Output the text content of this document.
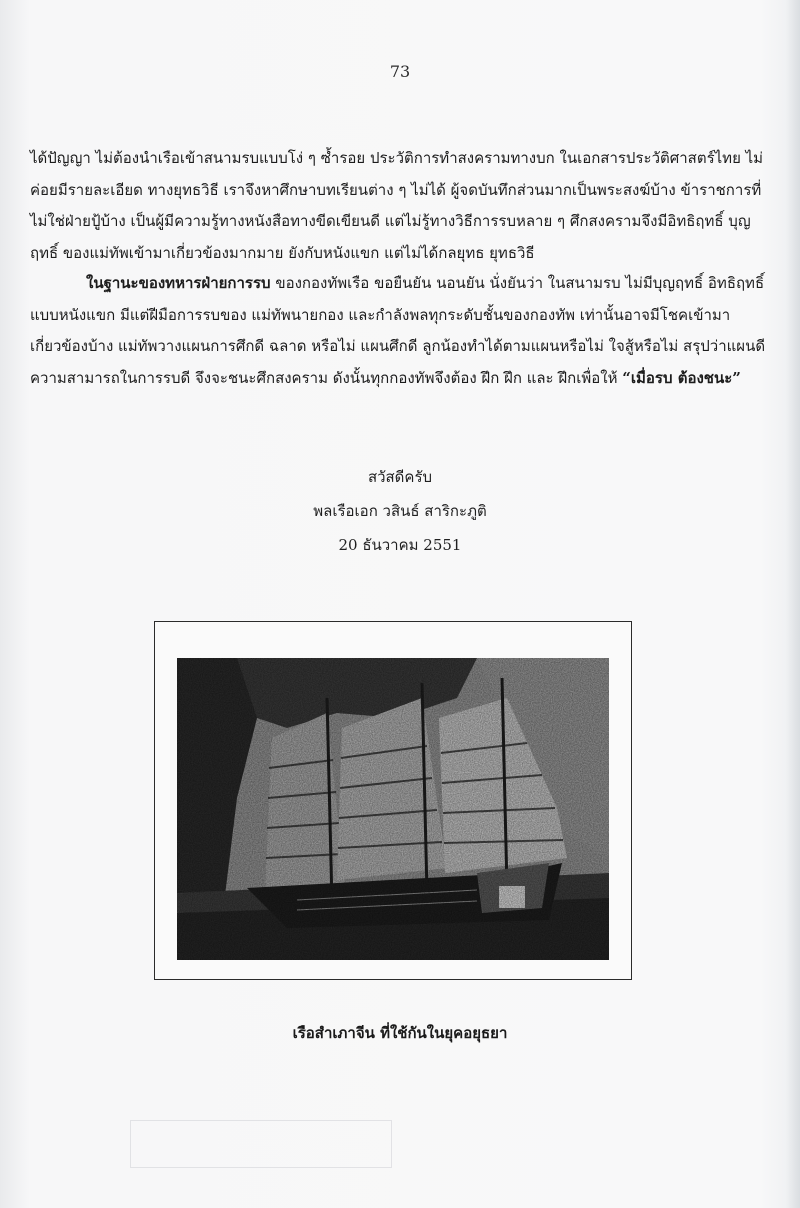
73

ได้ปัญญา ไม่ต้องนำเรือเข้าสนามรบแบบโง่ ๆ ซ้ำรอย ประวัติการทำสงครามทางบก ในเอกสารประวัติศาสตร์ไทย ไม่ค่อยมีรายละเอียด ทางยุทธวิธี เราจึงหาศึกษาบทเรียนต่าง ๆ ไม่ได้ ผู้จดบันทึกส่วนมากเป็นพระสงฆ์บ้าง ข้าราชการที่ไม่ใช่ฝ่ายปู้บ้าง เป็นผู้มีความรู้ทางหนังสือทางขีดเขียนดี แต่ไม่รู้ทางวิธีการรบหลาย ๆ ศึกสงครามจึงมีอิทธิฤทธิ์ บุญฤทธิ์ ของแม่ทัพเข้ามาเกี่ยวข้องมากมาย ยังกับหนังแขก แต่ไม่ได้กลยุทธ ยุทธวิธี

ในฐานะของทหารฝ่ายการรบ ของกองทัพเรือ ขอยืนยัน นอนยัน นั่งยันว่า ในสนามรบ ไม่มีบุญฤทธิ์ อิทธิฤทธิ์ แบบหนังแขก มีแต่ฝีมือการรบของ แม่ทัพนายกอง และกำลังพลทุกระดับชั้นของกองทัพ เท่านั้นอาจมีโชคเข้ามาเกี่ยวข้องบ้าง แม่ทัพวางแผนการศึกดี ฉลาด หรือไม่ แผนศึกดี ลูกน้องทำได้ตามแผนหรือไม่ ใจสู้หรือไม่ สรุปว่าแผนดี ความสามารถในการรบดี จึงจะชนะศึกสงคราม ดังนั้นทุกกองทัพจึงต้อง ฝึก ฝึก และ ฝึกเพื่อให้ “เมื่อรบ ต้องชนะ”

สวัสดีครับ
พลเรือเอก วสินธ์ สาริกะภูติ
20 ธันวาคม 2551
เรือสำเภาจีน ที่ใช้กันในยุคอยุธยา
